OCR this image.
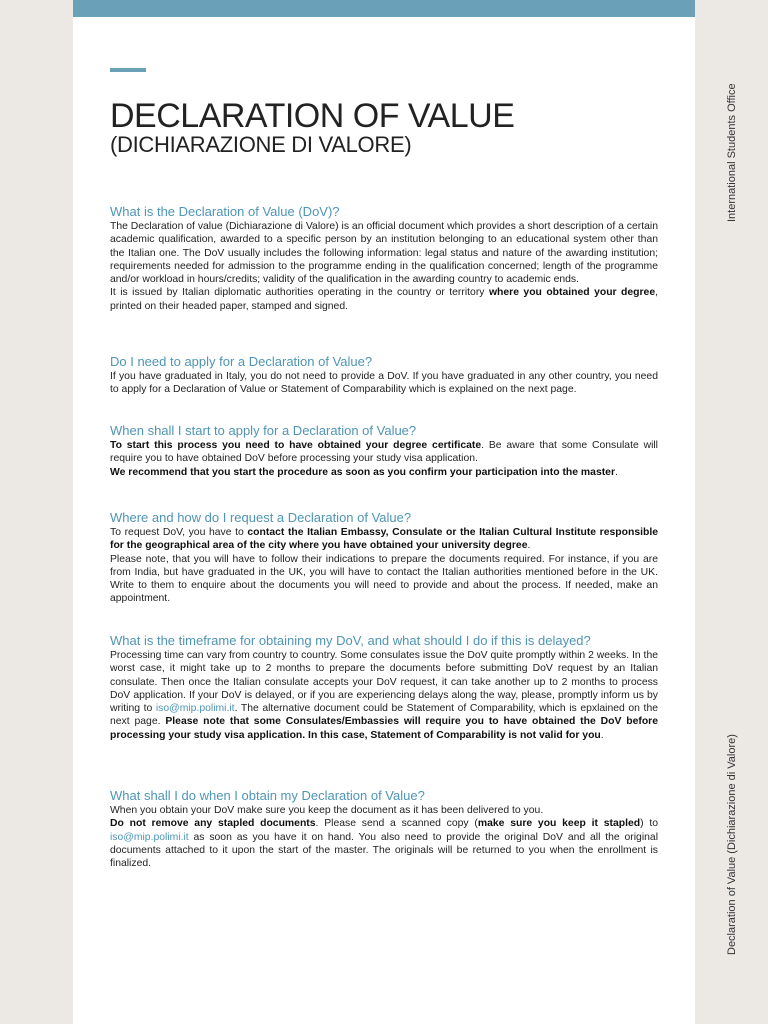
DECLARATION OF VALUE
(DICHIARAZIONE DI VALORE)
What is the Declaration of Value (DoV)?

The Declaration of value (Dichiarazione di Valore) is an official document which provides a short description of a certain academic qualification, awarded to a specific person by an institution belonging to an educational system other than the Italian one. The DoV usually includes the following information: legal status and nature of the awarding institution; requirements needed for admission to the programme ending in the qualification concerned; length of the programme and/or workload in hours/credits; validity of the qualification in the awarding country to academic ends.

It is issued by Italian diplomatic authorities operating in the country or territory where you obtained your degree, printed on their headed paper, stamped and signed.

Do I need to apply for a Declaration of Value?

If you have graduated in Italy, you do not need to provide a DoV. If you have graduated in any other country, you need to apply for a Declaration of Value or Statement of Comparability which is explained on the next page.

When shall I start to apply for a Declaration of Value?

To start this process you need to have obtained your degree certificate. Be aware that some Consulate will require you to have obtained DoV before processing your study visa application.

We recommend that you start the procedure as soon as you confirm your participation into the master.

Where and how do I request a Declaration of Value?

To request DoV, you have to contact the Italian Embassy, Consulate or the Italian Cultural Institute responsible for the geographical area of the city where you have obtained your university degree.

Please note, that you will have to follow their indications to prepare the documents required. For instance, if you are from India, but have graduated in the UK, you will have to contact the Italian authorities mentioned before in the UK. Write to them to enquire about the documents you will need to provide and about the process. If needed, make an appointment.

What is the timeframe for obtaining my DoV, and what should I do if this is delayed?

Processing time can vary from country to country. Some consulates issue the DoV quite promptly within 2 weeks. In the worst case, it might take up to 2 months to prepare the documents before submitting DoV request by an Italian consulate. Then once the Italian consulate accepts your DoV request, it can take another up to 2 months to process DoV application. If your DoV is delayed, or if you are experiencing delays along the way, please, promptly inform us by writing to iso@mip.polimi.it. The alternative document could be Statement of Comparability, which is epxlained on the next page. Please note that some Consulates/Embassies will require you to have obtained the DoV before processing your study visa application. In this case, Statement of Comparability is not valid for you.

What shall I do when I obtain my Declaration of Value?

When you obtain your DoV make sure you keep the document as it has been delivered to you.

Do not remove any stapled documents. Please send a scanned copy (make sure you keep it stapled) to iso@mip.polimi.it as soon as you have it on hand. You also need to provide the original DoV and all the original documents attached to it upon the start of the master. The originals will be returned to you when the enrollment is finalized.

International Students Office
Declaration of Value (Dichiarazione di Valore)
